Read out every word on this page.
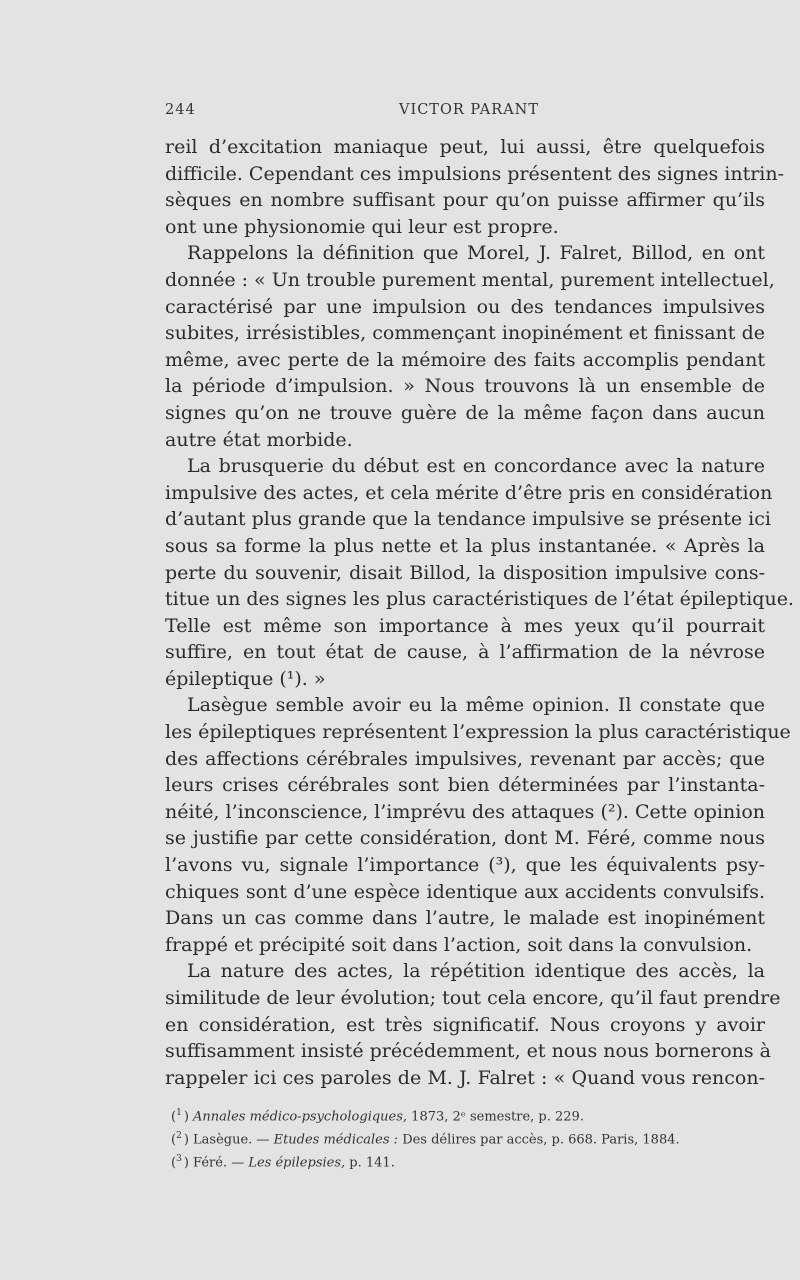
244	VICTOR PARANT
reil d’excitation maniaque peut, lui aussi, être quelquefois
difficile. Cependant ces impulsions présentent des signes intrin-
sèques en nombre suffisant pour qu’on puisse affirmer qu’ils
ont une physionomie qui leur est propre.
Rappelons la définition que Morel, J. Falret, Billod, en ont
donnée : « Un trouble purement mental, purement intellectuel,
caractérisé par une impulsion ou des tendances impulsives
subites, irrésistibles, commençant inopinément et finissant de
même, avec perte de la mémoire des faits accomplis pendant
la période d’impulsion. » Nous trouvons là un ensemble de
signes qu’on ne trouve guère de la même façon dans aucun
autre état morbide.
La brusquerie du début est en concordance avec la nature
impulsive des actes, et cela mérite d’être pris en considération
d’autant plus grande que la tendance impulsive se présente ici
sous sa forme la plus nette et la plus instantanée. « Après la
perte du souvenir, disait Billod, la disposition impulsive cons-
titue un des signes les plus caractéristiques de l’état épileptique.
Telle est même son importance à mes yeux qu’il pourrait
suffire, en tout état de cause, à l’affirmation de la névrose
épileptique (¹). »
Lasègue semble avoir eu la même opinion. Il constate que
les épileptiques représentent l’expression la plus caractéristique
des affections cérébrales impulsives, revenant par accès; que
leurs crises cérébrales sont bien déterminées par l’instanta-
néité, l’inconscience, l’imprévu des attaques (²). Cette opinion
se justifie par cette considération, dont M. Féré, comme nous
l’avons vu, signale l’importance (³), que les équivalents psy-
chiques sont d’une espèce identique aux accidents convulsifs.
Dans un cas comme dans l’autre, le malade est inopinément
frappé et précipité soit dans l’action, soit dans la convulsion.
La nature des actes, la répétition identique des accès, la
similitude de leur évolution; tout cela encore, qu’il faut prendre
en considération, est très significatif. Nous croyons y avoir
suffisamment insisté précédemment, et nous nous bornerons à
rappeler ici ces paroles de M. J. Falret : « Quand vous rencon-
($^1$ ) Annales médico-psychologiques, 1873, 2ᵉ semestre, p. 229.
($^2$ ) Lasègue. — Etudes médicales : Des délires par accès, p. 668. Paris, 1884.
($^3$ ) Féré. — Les épilepsies, p. 141.
